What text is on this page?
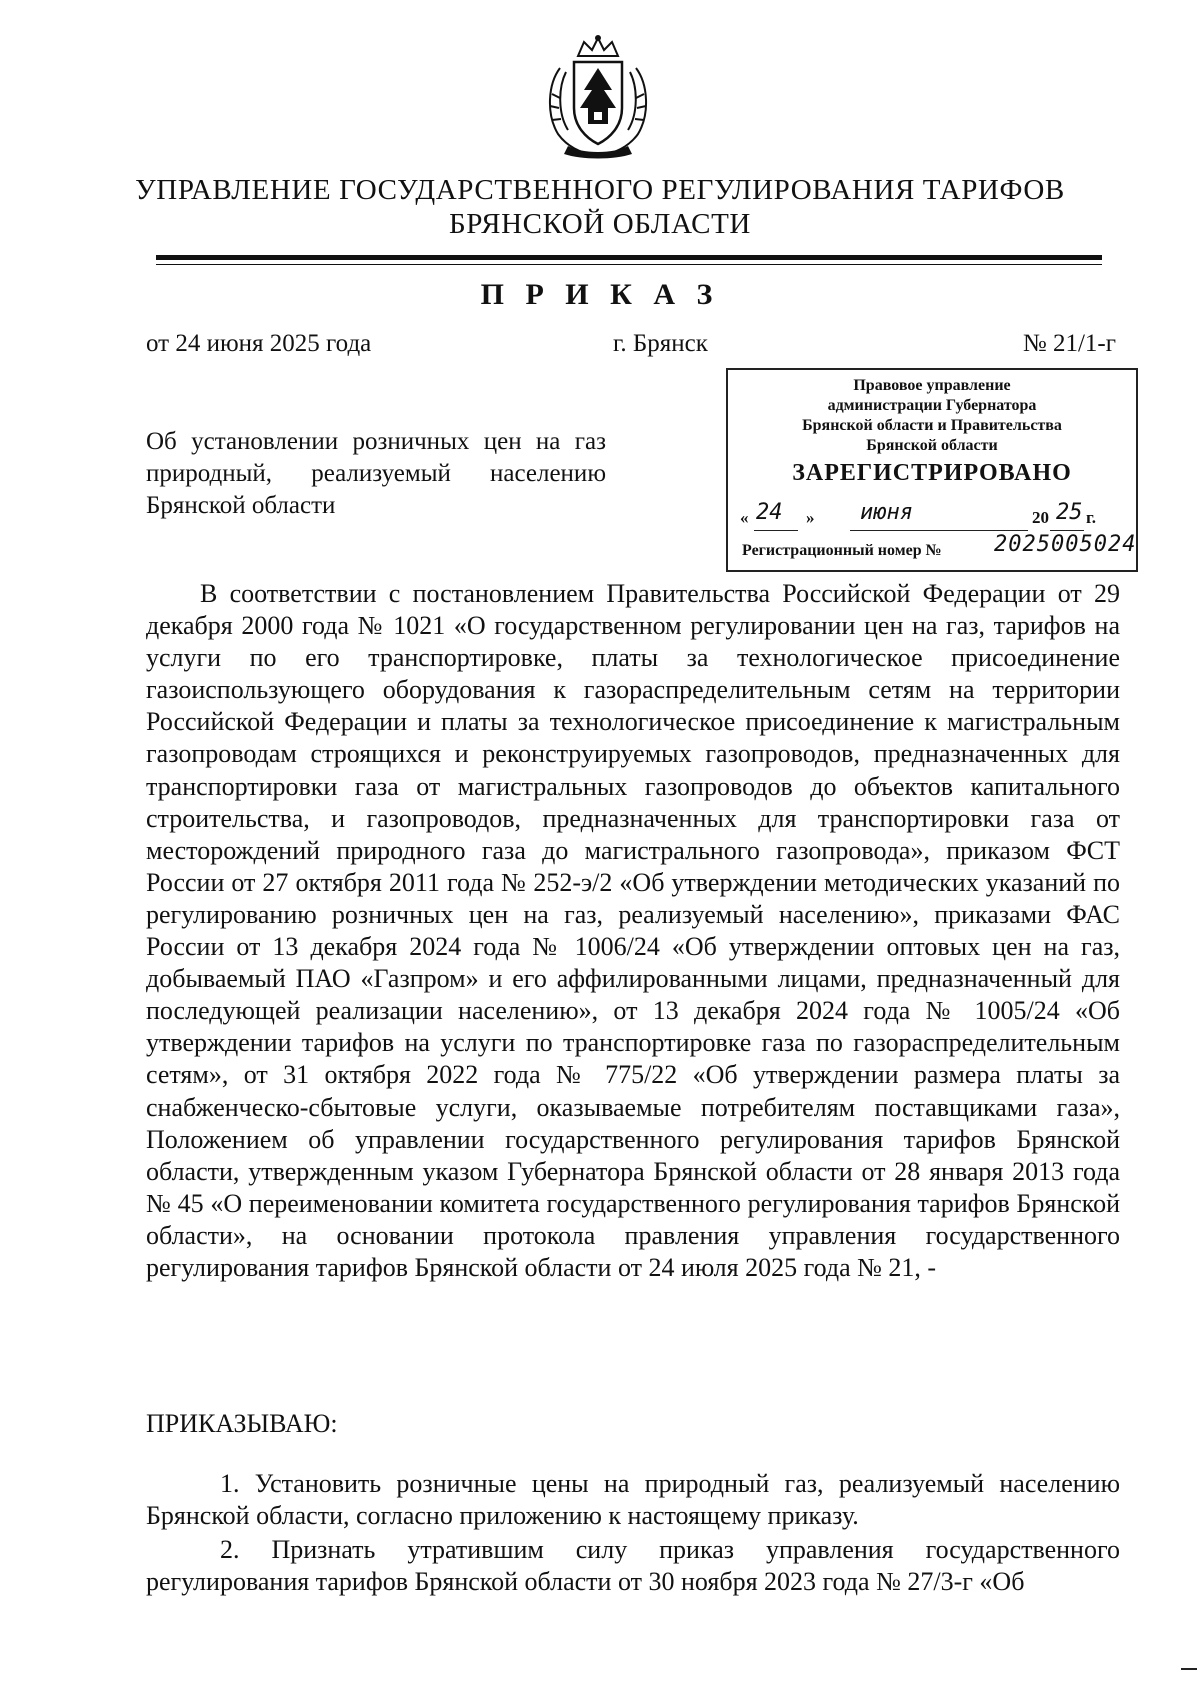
УПРАВЛЕНИЕ ГОСУДАРСТВЕННОГО РЕГУЛИРОВАНИЯ ТАРИФОВ
БРЯНСКОЙ ОБЛАСТИ
П Р И К А З
от 24 июня 2025 года	г. Брянск	№ 21/1-г
Правовое управление
администрации Губернатора
Брянской области и Правительства
Брянской области
ЗАРЕГИСТРИРОВАНО
« 24 » июня	20 25 г.
Регистрационный номер № 2025005024
Об установлении розничных цен на газ природный, реализуемый населению Брянской области
В соответствии с постановлением Правительства Российской Федерации от 29 декабря 2000 года № 1021 «О государственном регулировании цен на газ, тарифов на услуги по его транспортировке, платы за технологическое присоединение газоиспользующего оборудования к газораспределительным сетям на территории Российской Федерации и платы за технологическое присоединение к магистральным газопроводам строящихся и реконструируемых газопроводов, предназначенных для транспортировки газа от магистральных газопроводов до объектов капитального строительства, и газопроводов, предназначенных для транспортировки газа от месторождений природного газа до магистрального газопровода», приказом ФСТ России от 27 октября 2011 года № 252-э/2 «Об утверждении методических указаний по регулированию розничных цен на газ, реализуемый населению», приказами ФАС России от 13 декабря 2024 года № 1006/24 «Об утверждении оптовых цен на газ, добываемый ПАО «Газпром» и его аффилированными лицами, предназначенный для последующей реализации населению», от 13 декабря 2024 года № 1005/24 «Об утверждении тарифов на услуги по транспортировке газа по газораспределительным сетям», от 31 октября 2022 года № 775/22 «Об утверждении размера платы за снабженческо-сбытовые услуги, оказываемые потребителям поставщиками газа», Положением об управлении государственного регулирования тарифов Брянской области, утвержденным указом Губернатора Брянской области от 28 января 2013 года № 45 «О переименовании комитета государственного регулирования тарифов Брянской области», на основании протокола правления управления государственного регулирования тарифов Брянской области от 24 июля 2025 года № 21, -
ПРИКАЗЫВАЮ:
1. Установить розничные цены на природный газ, реализуемый населению Брянской области, согласно приложению к настоящему приказу.
2. Признать утратившим силу приказ управления государственного регулирования тарифов Брянской области от 30 ноября 2023 года № 27/3-г «Об
